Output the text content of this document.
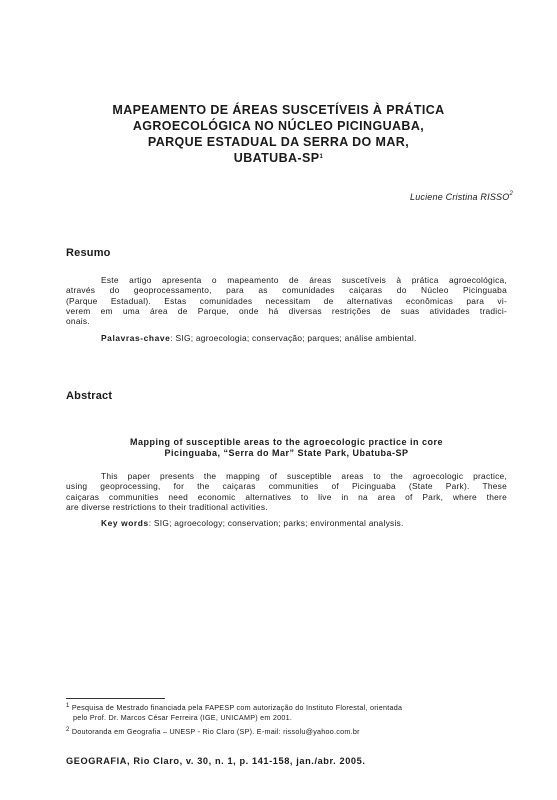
MAPEAMENTO DE ÁREAS SUSCETÍVEIS À PRÁTICA
AGROECOLÓGICA NO NÚCLEO PICINGUABA,
PARQUE ESTADUAL DA SERRA DO MAR,
UBATUBA-$SP^1$
Luciene Cristina RISSO$^2$
Resumo
Este artigo apresenta o mapeamento de áreas suscetíveis à prática agroecológica,
através do geoprocessamento, para as comunidades caiçaras do Núcleo Picinguaba
(Parque Estadual). Estas comunidades necessitam de alternativas econômicas para vi-
verem em uma área de Parque, onde há diversas restrições de suas atividades tradici-
onais.
Palavras-chave: SIG; agroecologia; conservação; parques; análise ambiental.
Abstract
Mapping of susceptible areas to the agroecologic practice in core
Picinguaba, “Serra do Mar” State Park, Ubatuba-SP
This paper presents the mapping of susceptible areas to the agroecologic practice,
using geoprocessing, for the caiçaras communities of Picinguaba (State Park). These
caiçaras communities need economic alternatives to live in na area of Park, where there
are diverse restrictions to their traditional activities.
Key words: SIG; agroecology; conservation; parks; environmental analysis.
$^1$ Pesquisa de Mestrado financiada pela FAPESP com autorização do Instituto Florestal, orientada
pelo Prof. Dr. Marcos César Ferreira (IGE, UNICAMP) em 2001.
$^2$ Doutoranda em Geografia – UNESP - Rio Claro (SP). E-mail: rissolu@yahoo.com.br
GEOGRAFIA, Rio Claro, v. 30, n. 1, p. 141-158, jan./abr. 2005.
